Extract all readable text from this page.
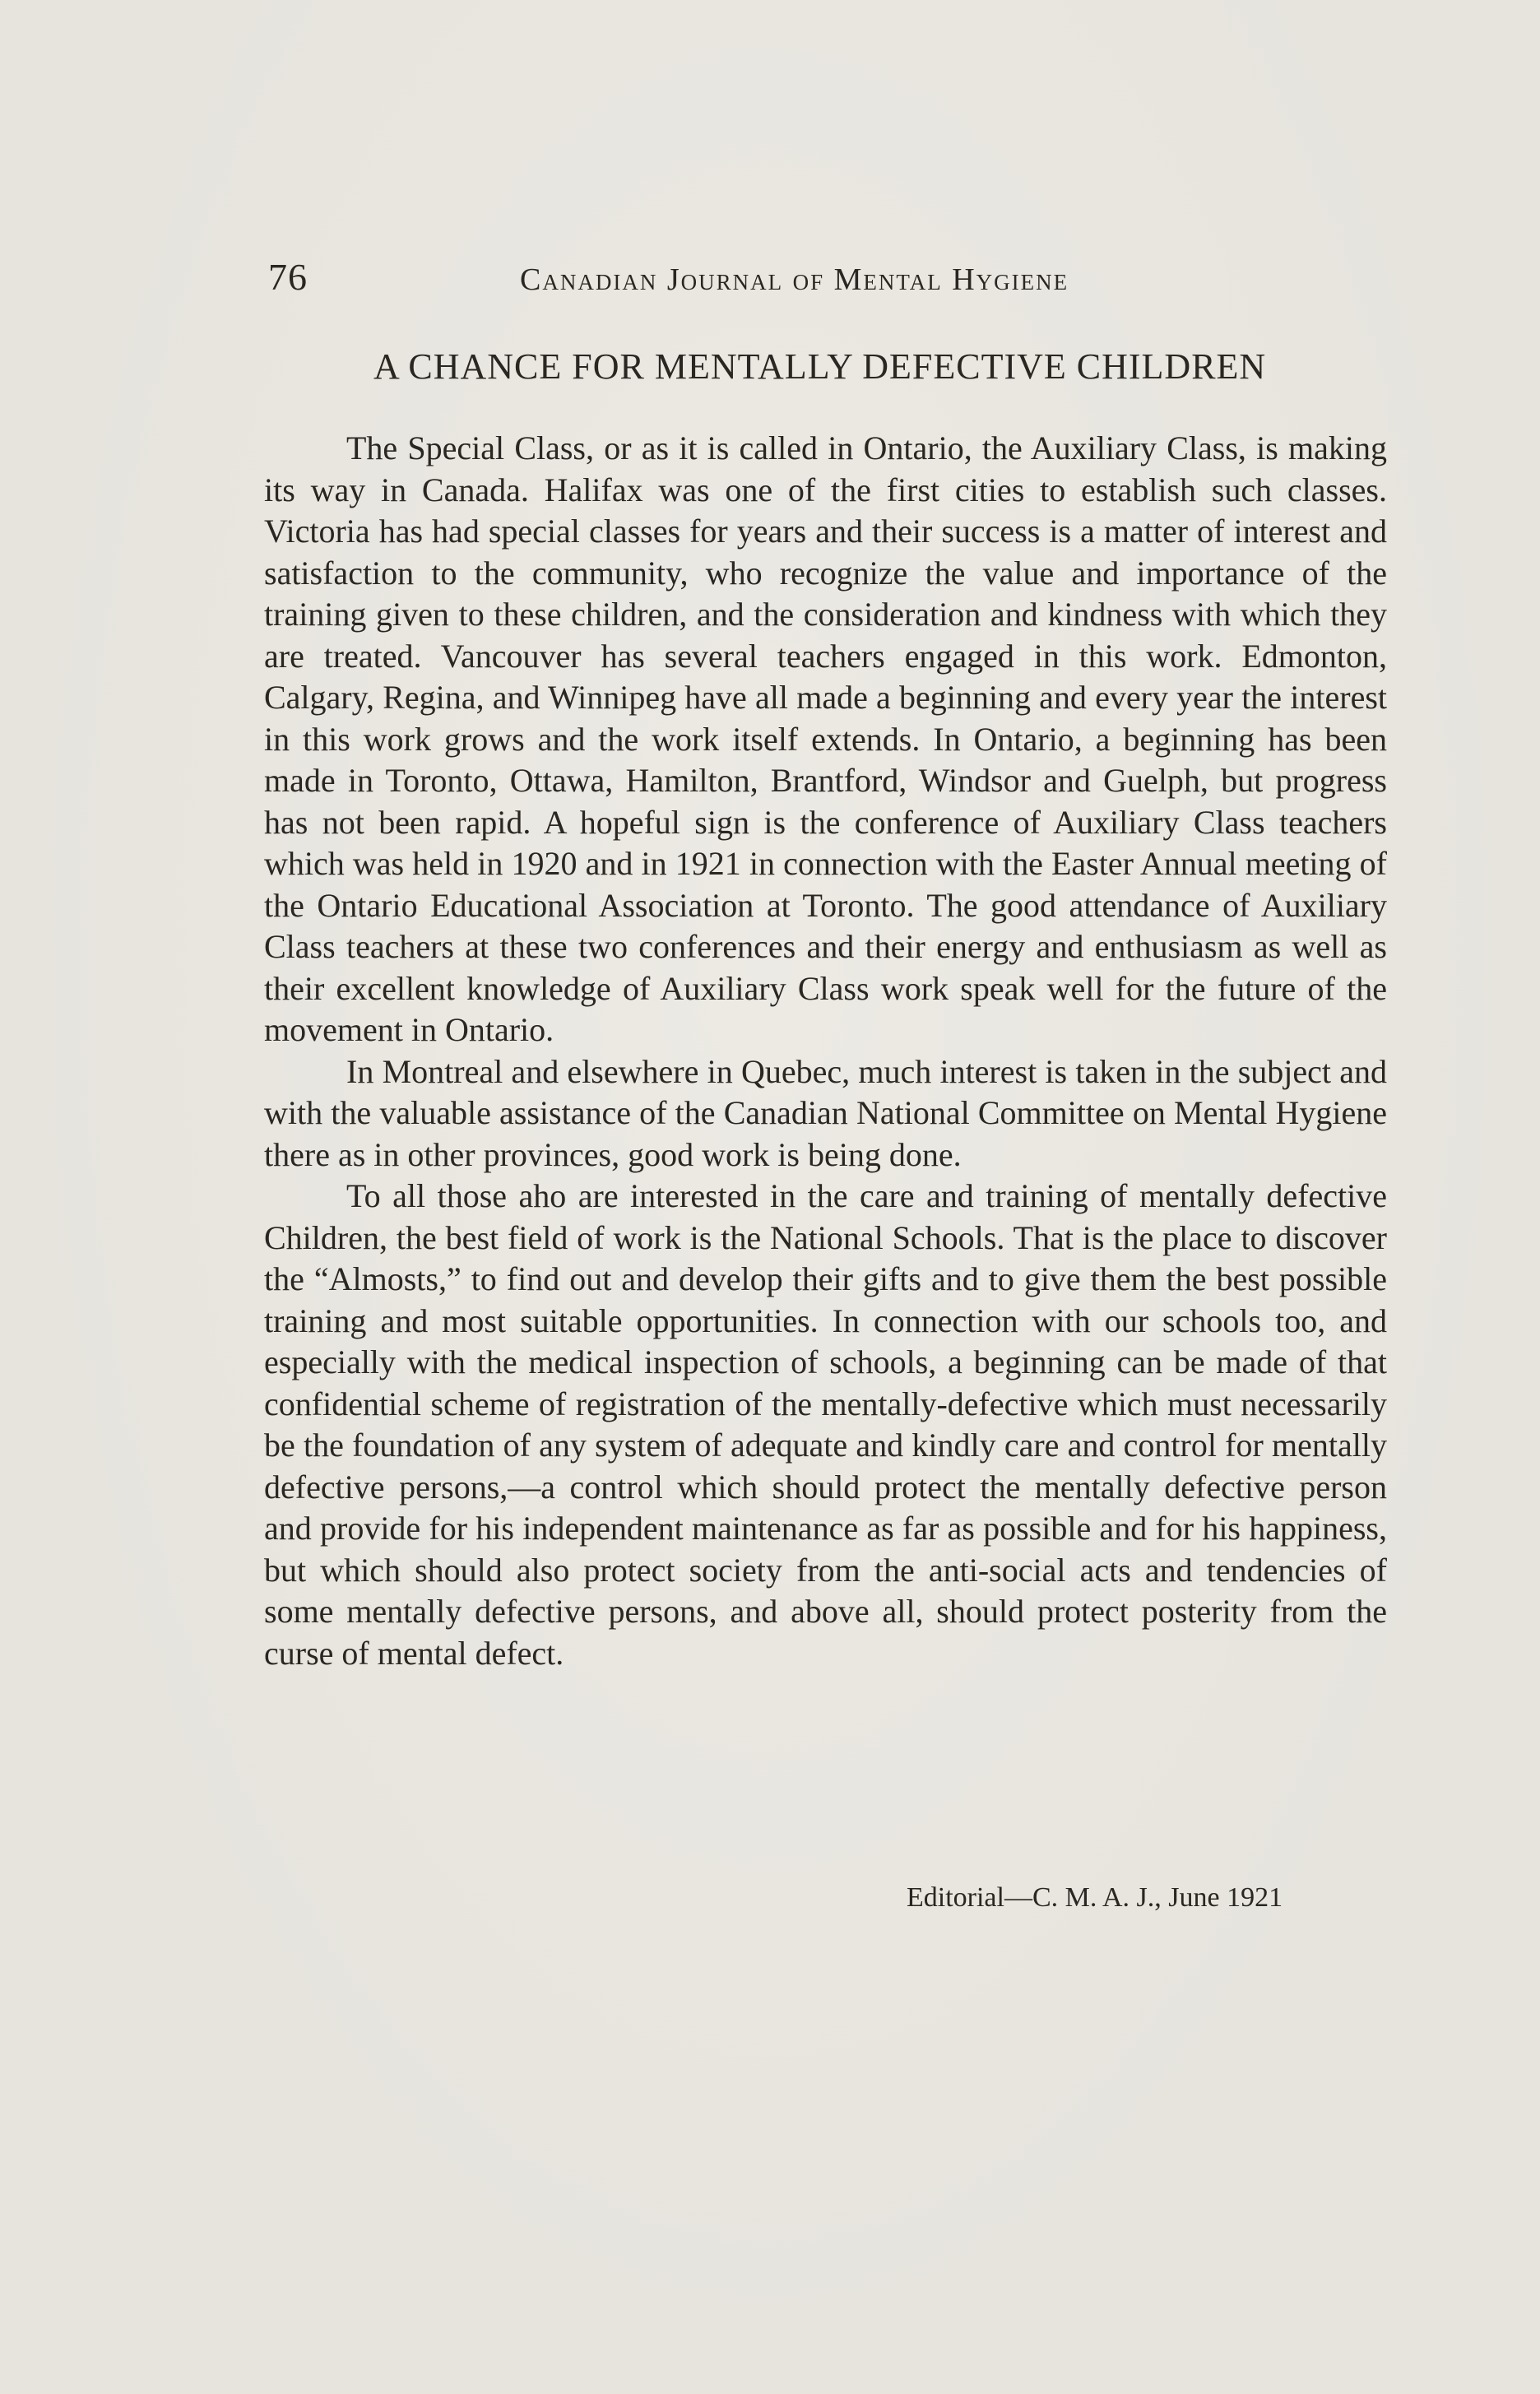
76	Canadian Journal of Mental Hygiene
A CHANCE FOR MENTALLY DEFECTIVE CHILDREN

The Special Class, or as it is called in Ontario, the Auxiliary Class, is making its way in Canada. Halifax was one of the first cities to establish such classes. Victoria has had special classes for years and their success is a matter of interest and satisfaction to the community, who recognize the value and importance of the training given to these children, and the consideration and kindness with which they are treated. Vancouver has several teachers engaged in this work. Edmonton, Calgary, Regina, and Winnipeg have all made a beginning and every year the interest in this work grows and the work itself extends. In Ontario, a beginning has been made in Toronto, Ottawa, Hamilton, Brantford, Windsor and Guelph, but progress has not been rapid. A hopeful sign is the conference of Auxiliary Class teachers which was held in 1920 and in 1921 in connection with the Easter Annual meeting of the Ontario Educational Association at Toronto. The good attendance of Auxiliary Class teachers at these two conferences and their energy and enthusiasm as well as their excellent knowledge of Auxiliary Class work speak well for the future of the movement in Ontario.

In Montreal and elsewhere in Quebec, much interest is taken in the subject and with the valuable assistance of the Canadian National Committee on Mental Hygiene there as in other provinces, good work is being done.

To all those aho are interested in the care and training of mentally defective Children, the best field of work is the National Schools. That is the place to discover the “Almosts,” to find out and develop their gifts and to give them the best possible training and most suitable opportunities. In connection with our schools too, and especially with the medical inspection of schools, a beginning can be made of that confidential scheme of registration of the mentally-defective which must necessarily be the foundation of any system of adequate and kindly care and control for mentally defective persons,—a control which should protect the mentally defective person and provide for his independent maintenance as far as possible and for his happiness, but which should also protect society from the anti-social acts and tendencies of some mentally defective persons, and above all, should protect posterity from the curse of mental defect.

Editorial—C. M. A. J., June 1921
